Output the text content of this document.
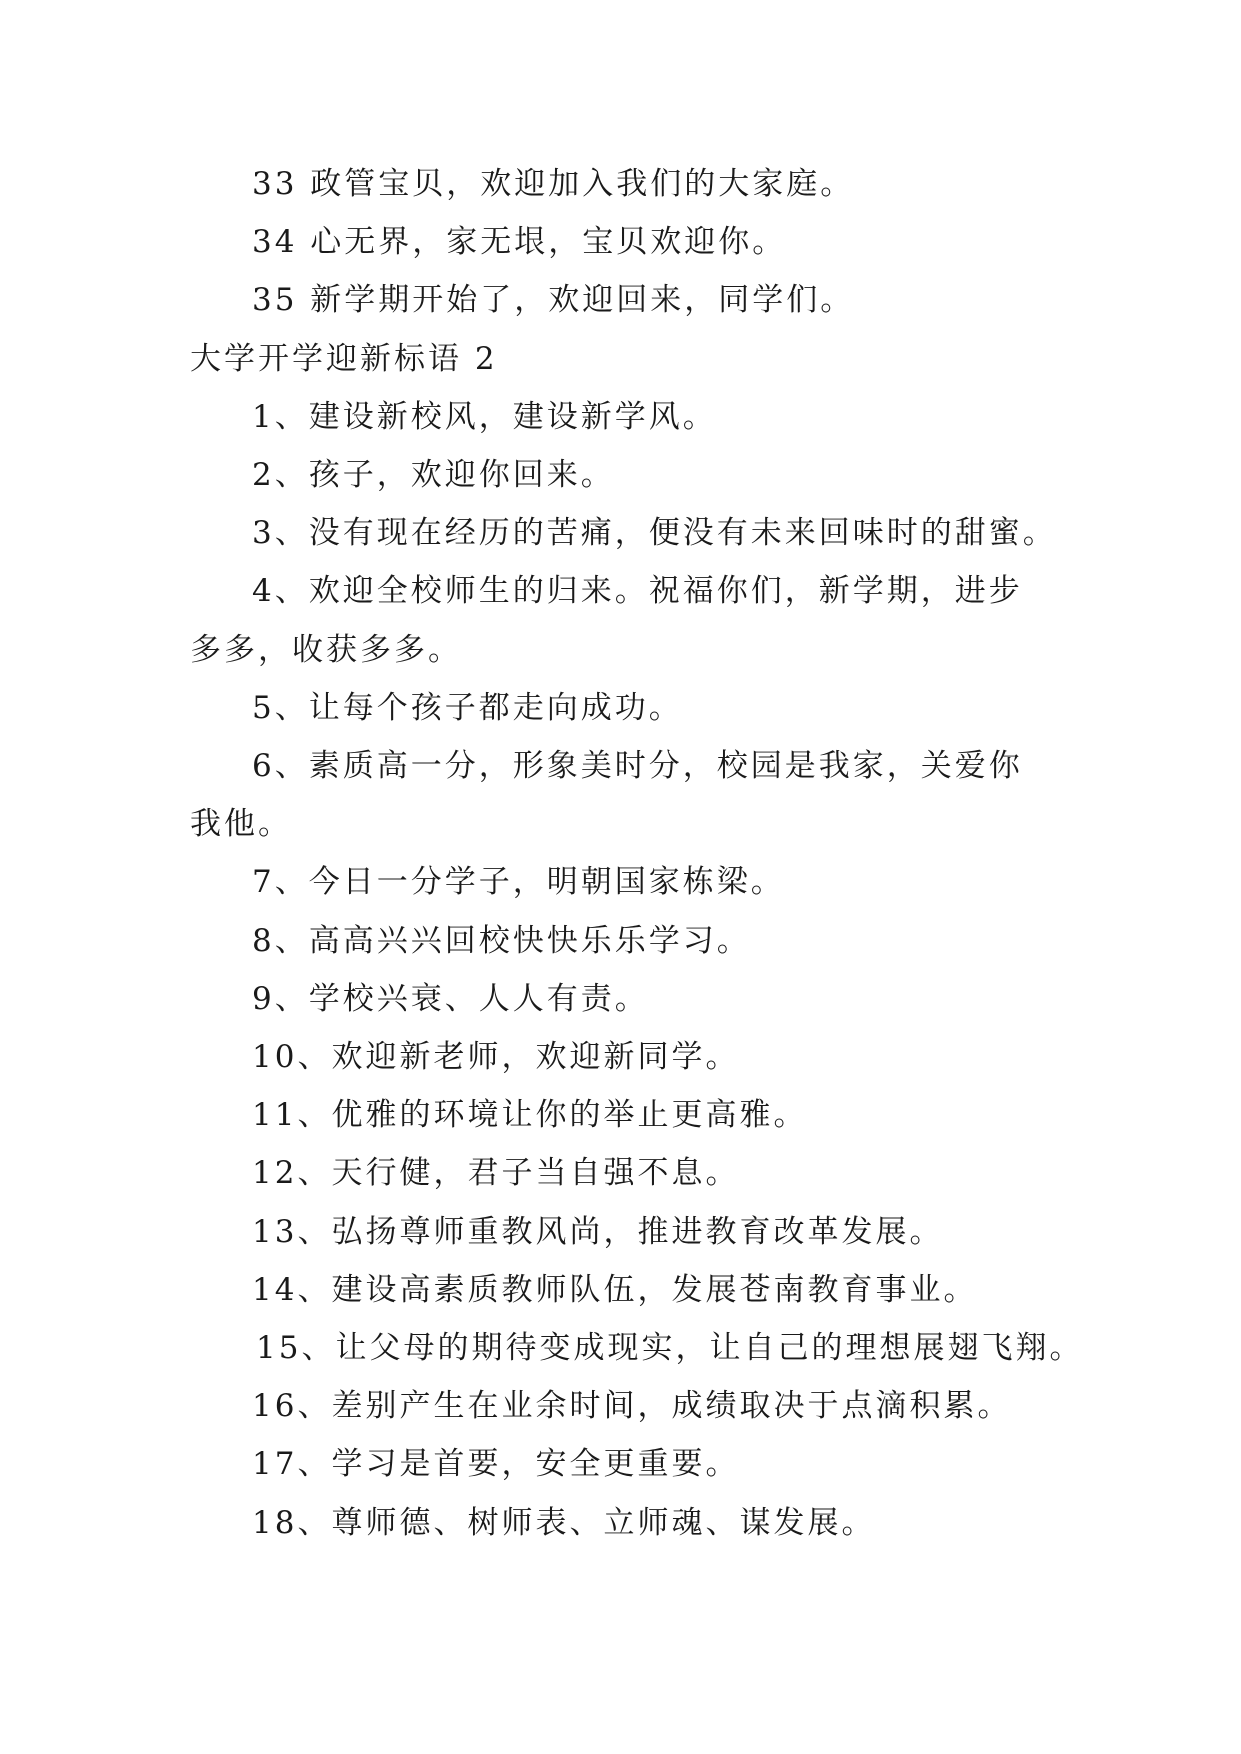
33 政管宝贝，欢迎加入我们的大家庭。
34 心无界，家无垠，宝贝欢迎你。
35 新学期开始了，欢迎回来，同学们。
大学开学迎新标语 2
1、建设新校风，建设新学风。
2、孩子，欢迎你回来。
3、没有现在经历的苦痛，便没有未来回味时的甜蜜。
4、欢迎全校师生的归来。祝福你们，新学期，进步多多，收获多多。
5、让每个孩子都走向成功。
6、素质高一分，形象美时分，校园是我家，关爱你我他。
7、今日一分学子，明朝国家栋梁。
8、高高兴兴回校快快乐乐学习。
9、学校兴衰、人人有责。
10、欢迎新老师，欢迎新同学。
11、优雅的环境让你的举止更高雅。
12、天行健，君子当自强不息。
13、弘扬尊师重教风尚，推进教育改革发展。
14、建设高素质教师队伍，发展苍南教育事业。
15、让父母的期待变成现实，让自己的理想展翅飞翔。
16、差别产生在业余时间，成绩取决于点滴积累。
17、学习是首要，安全更重要。
18、尊师德、树师表、立师魂、谋发展。
